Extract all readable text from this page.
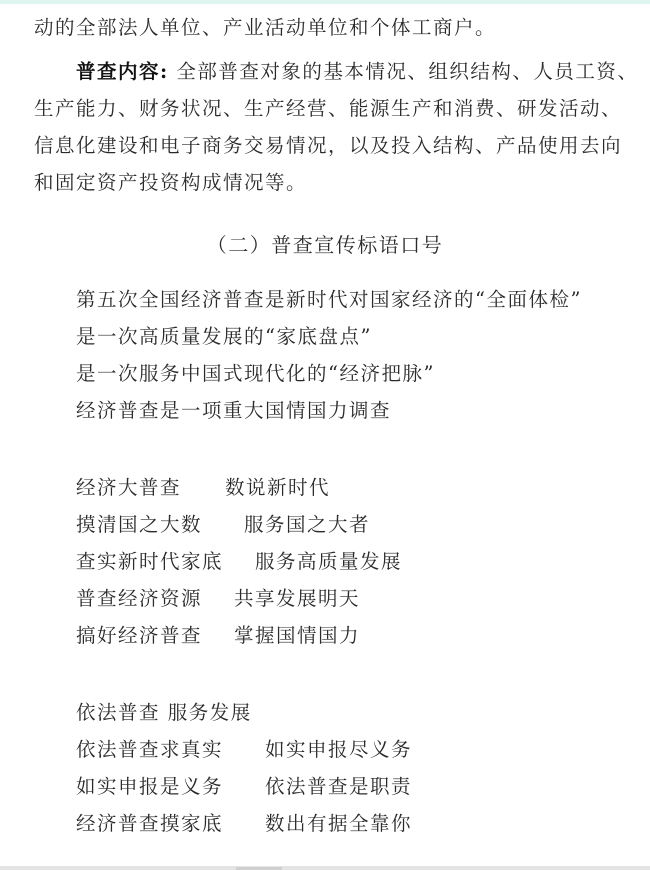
动的全部法人单位、产业活动单位和个体工商户。
普查内容: 全部普查对象的基本情况、组织结构、人员工资、
生产能力、财务状况、生产经营、能源生产和消费、研发活动、
信息化建设和电子商务交易情况，以及投入结构、产品使用去向
和固定资产投资构成情况等。
（二）普查宣传标语口号
第五次全国经济普查是新时代对国家经济的“全面体检”
是一次高质量发展的“家底盘点”
是一次服务中国式现代化的“经济把脉”
经济普查是一项重大国情国力调查
经济大普查 数说新时代
摸清国之大数 服务国之大者
查实新时代家底 服务高质量发展
普查经济资源 共享发展明天
搞好经济普查 掌握国情国力
依法普查 服务发展
依法普查求真实 如实申报尽义务
如实申报是义务 依法普查是职责
经济普查摸家底 数出有据全靠你
